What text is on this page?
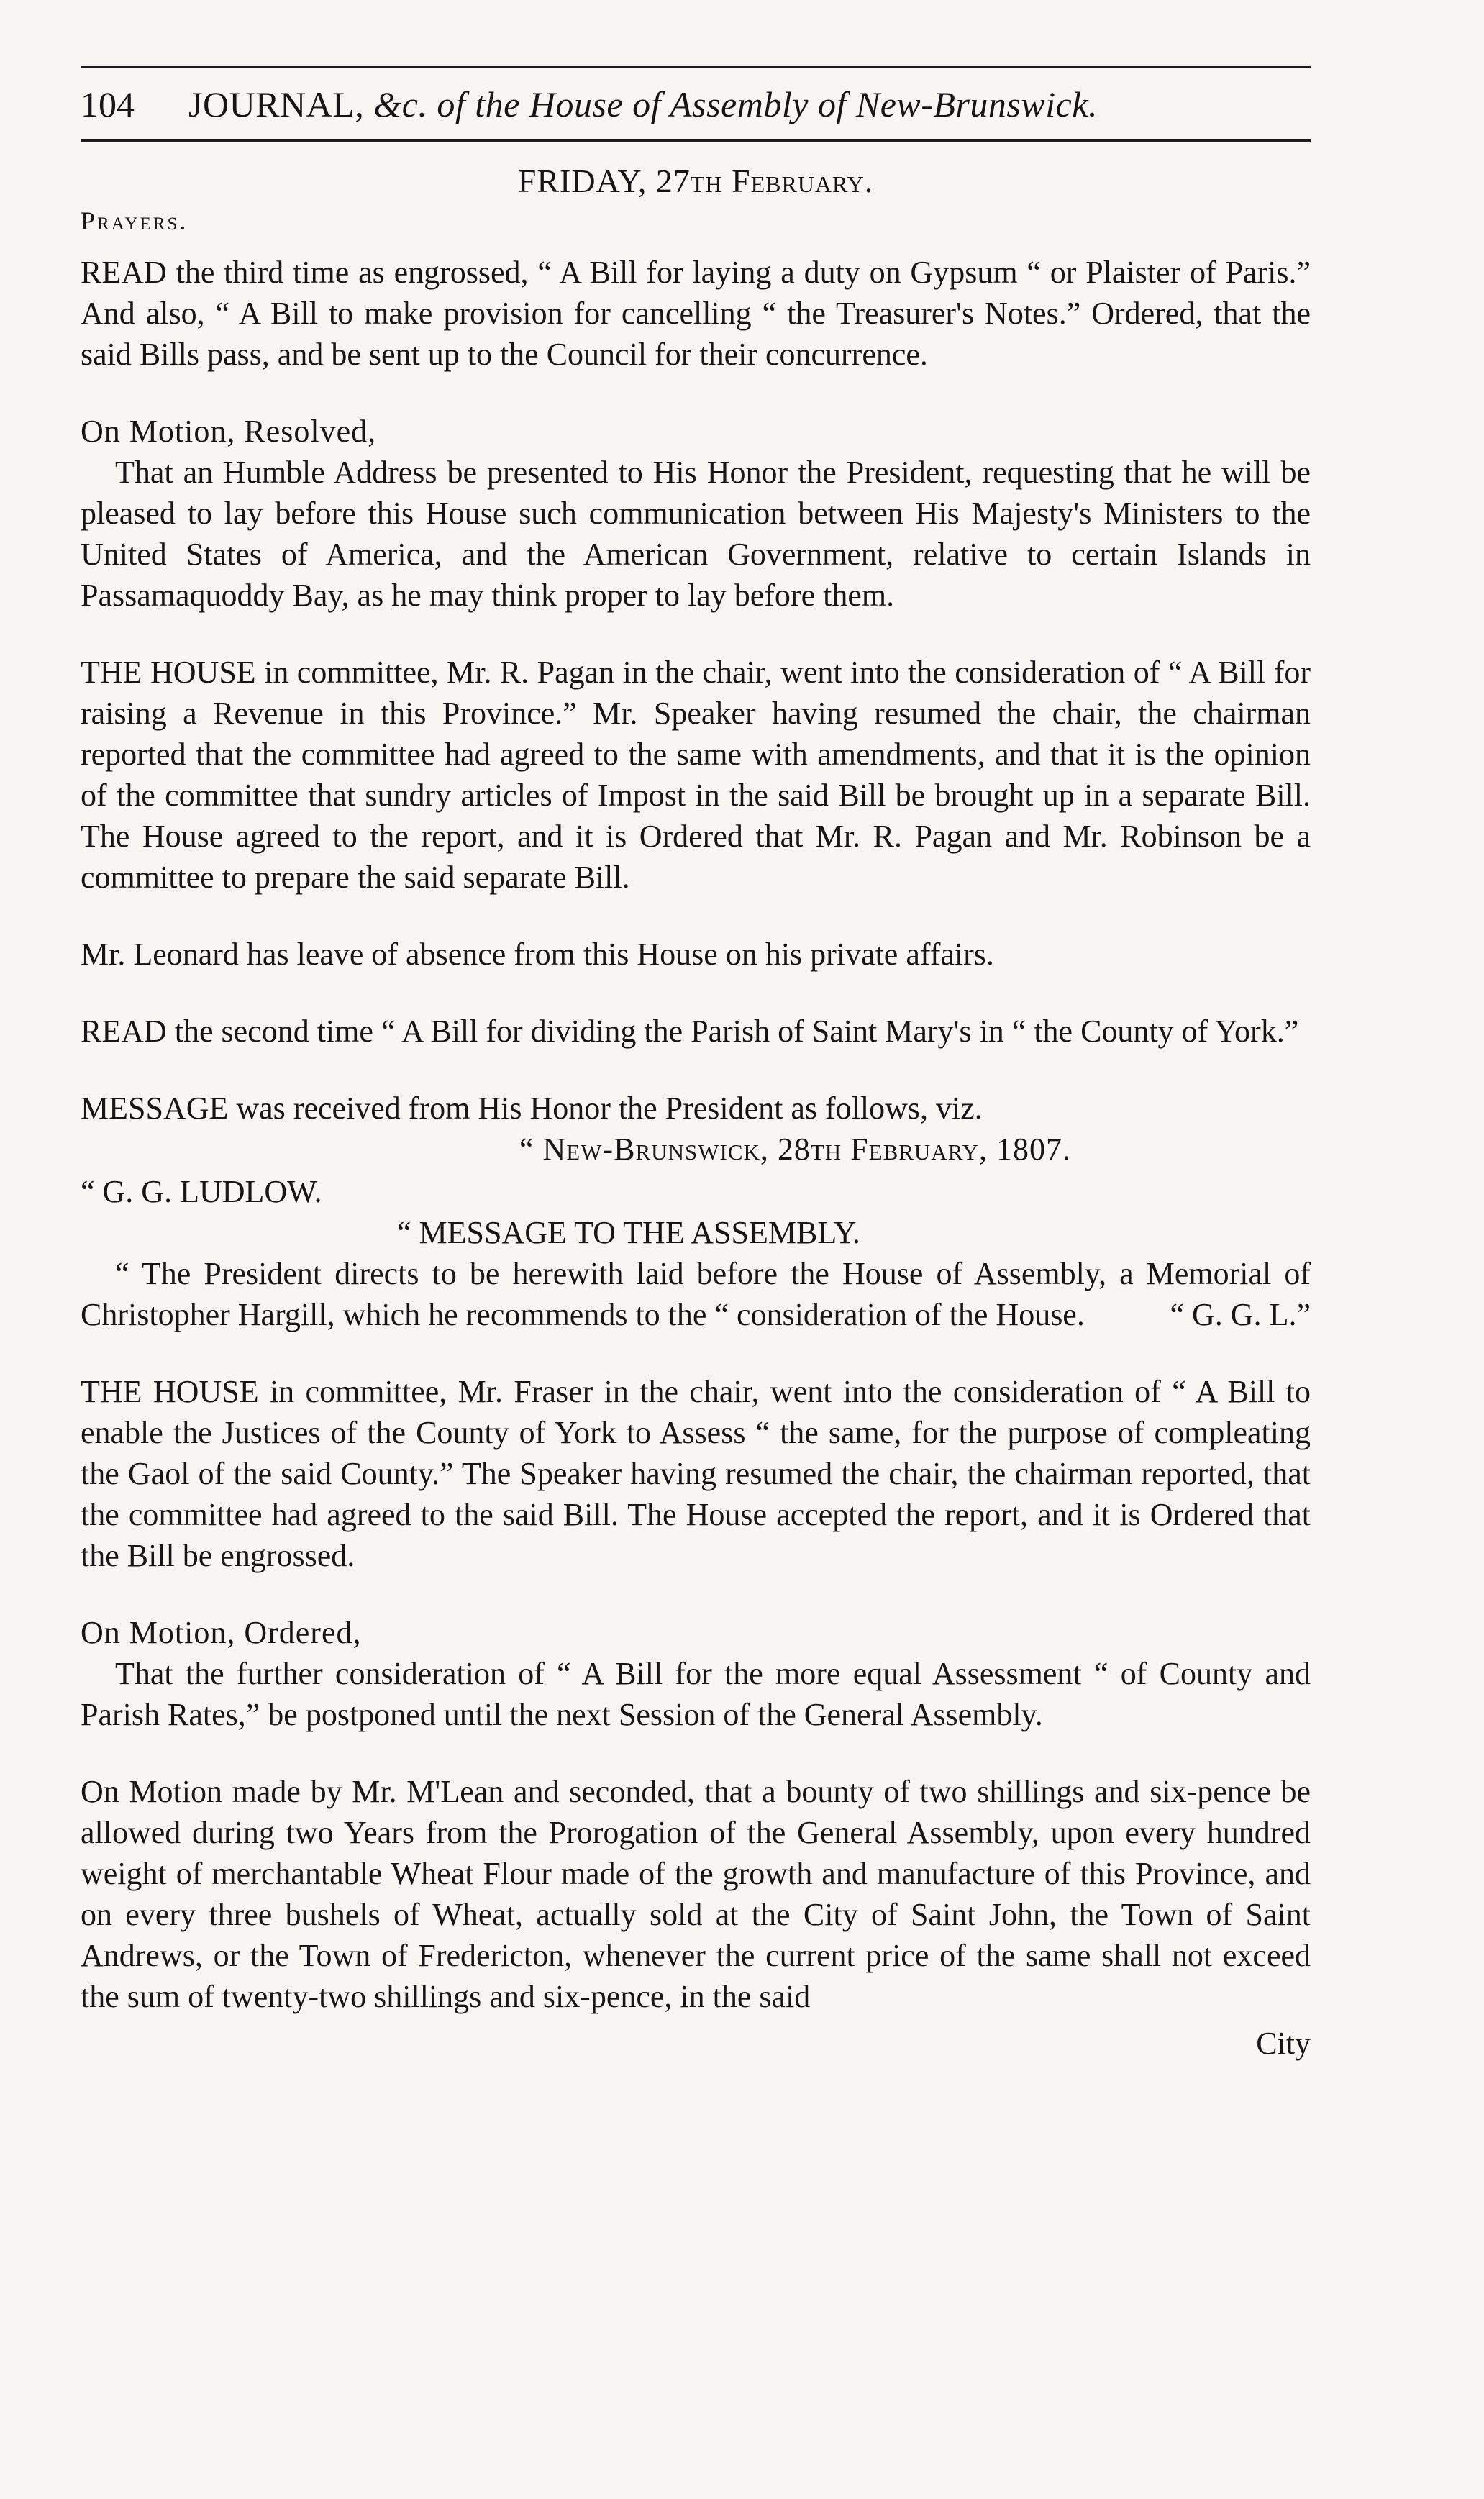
104	JOURNAL, &c. of the House of Assembly of New-Brunswick.
FRIDAY, 27th February.
Prayers.

READ the third time as engrossed, “ A Bill for laying a duty on Gypsum “ or Plaister of Paris.” And also, “ A Bill to make provision for cancelling “ the Treasurer's Notes.” Ordered, that the said Bills pass, and be sent up to the Council for their concurrence.

On Motion, Resolved,

That an Humble Address be presented to His Honor the President, requesting that he will be pleased to lay before this House such communication between His Majesty's Ministers to the United States of America, and the American Government, relative to certain Islands in Passamaquoddy Bay, as he may think proper to lay before them.

THE HOUSE in committee, Mr. R. Pagan in the chair, went into the consideration of “ A Bill for raising a Revenue in this Province.” Mr. Speaker having resumed the chair, the chairman reported that the committee had agreed to the same with amendments, and that it is the opinion of the committee that sundry articles of Impost in the said Bill be brought up in a separate Bill. The House agreed to the report, and it is Ordered that Mr. R. Pagan and Mr. Robinson be a committee to prepare the said separate Bill.

Mr. Leonard has leave of absence from this House on his private affairs.

READ the second time “ A Bill for dividing the Parish of Saint Mary's in “ the County of York.”

MESSAGE was received from His Honor the President as follows, viz.

“ New-Brunswick, 28th February, 1807.

“ G. G. LUDLOW.

“ MESSAGE TO THE ASSEMBLY.

“ The President directs to be herewith laid before the House of Assembly, a Memorial of Christopher Hargill, which he recommends to the “ consideration of the House.	“ G. G. L.”

THE HOUSE in committee, Mr. Fraser in the chair, went into the consideration of “ A Bill to enable the Justices of the County of York to Assess “ the same, for the purpose of compleating the Gaol of the said County.” The Speaker having resumed the chair, the chairman reported, that the committee had agreed to the said Bill. The House accepted the report, and it is Ordered that the Bill be engrossed.

On Motion, Ordered,

That the further consideration of “ A Bill for the more equal Assessment “ of County and Parish Rates,” be postponed until the next Session of the General Assembly.

On Motion made by Mr. M'Lean and seconded, that a bounty of two shillings and six-pence be allowed during two Years from the Prorogation of the General Assembly, upon every hundred weight of merchantable Wheat Flour made of the growth and manufacture of this Province, and on every three bushels of Wheat, actually sold at the City of Saint John, the Town of Saint Andrews, or the Town of Fredericton, whenever the current price of the same shall not exceed the sum of twenty-two shillings and six-pence, in the said

City
